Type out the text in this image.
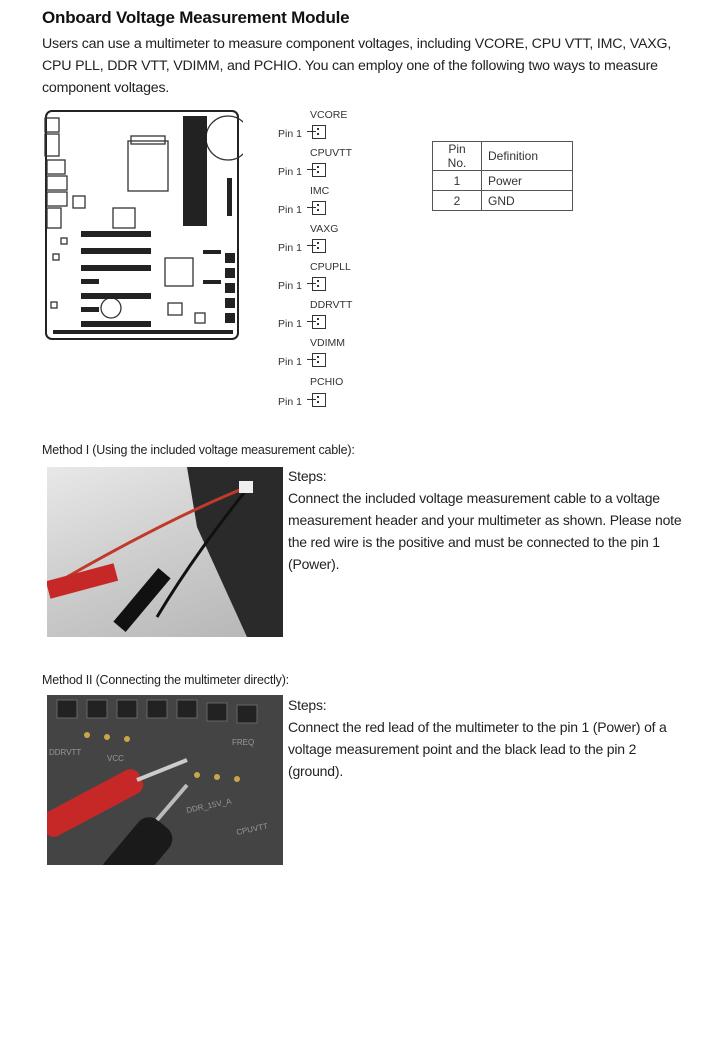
Onboard Voltage Measurement Module
Users can use a multimeter to measure component voltages, including VCORE, CPU VTT, IMC, VAXG, CPU PLL, DDR VTT, VDIMM, and PCHIO. You can employ one of the following two ways to measure component voltages.
VCORE
Pin 1
CPUVTT
Pin 1
IMC
Pin 1
VAXG
Pin 1
CPUPLL
Pin 1
DDRVTT
Pin 1
VDIMM
Pin 1
PCHIO
Pin 1
Pin No.	Definition
1	Power
2	GND
Method I (Using the included voltage measurement cable):
Steps:
Connect the included voltage measurement cable to a voltage measurement header and your multimeter as shown. Please note the red wire is the positive and must be connected to the pin 1 (Power).
Method II (Connecting the multimeter directly):
DDRVTT
VCC
FREQ
DDR_15V_A
CPUVTT
Steps:
Connect the red lead of the multimeter to the pin 1 (Power) of a voltage measurement point and the black lead to the pin 2 (ground).
